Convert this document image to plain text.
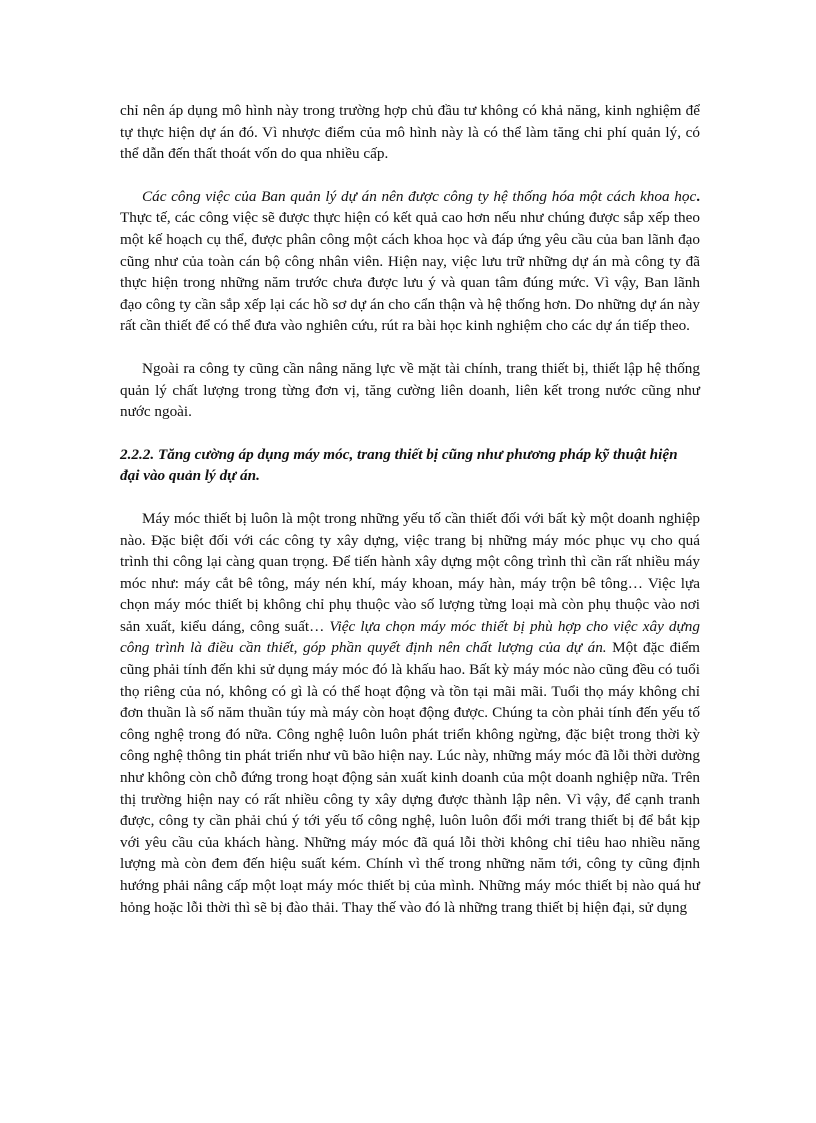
chỉ nên áp dụng mô hình này trong trường hợp chủ đầu tư không có khả năng, kinh nghiệm để tự thực hiện dự án đó. Vì nhược điểm của mô hình này là có thể làm tăng chi phí quản lý, có thể dẫn đến thất thoát vốn do qua nhiều cấp.

Các công việc của Ban quản lý dự án nên được công ty hệ thống hóa một cách khoa học. Thực tế, các công việc sẽ được thực hiện có kết quả cao hơn nếu như chúng được sắp xếp theo một kế hoạch cụ thể, được phân công một cách khoa học và đáp ứng yêu cầu của ban lãnh đạo cũng như của toàn cán bộ công nhân viên. Hiện nay, việc lưu trữ những dự án mà công ty đã thực hiện trong những năm trước chưa được lưu ý và quan tâm đúng mức. Vì vậy, Ban lãnh đạo công ty cần sắp xếp lại các hồ sơ dự án cho cẩn thận và hệ thống hơn. Do những dự án này rất cần thiết để có thể đưa vào nghiên cứu, rút ra bài học kinh nghiệm cho các dự án tiếp theo.

Ngoài ra công ty cũng cần nâng năng lực về mặt tài chính, trang thiết bị, thiết lập hệ thống quản lý chất lượng trong từng đơn vị, tăng cường liên doanh, liên kết trong nước cũng như nước ngoài.

2.2.2. Tăng cường áp dụng máy móc, trang thiết bị cũng như phương pháp kỹ thuật hiện đại vào quản lý dự án.

Máy móc thiết bị luôn là một trong những yếu tố cần thiết đối với bất kỳ một doanh nghiệp nào. Đặc biệt đối với các công ty xây dựng, việc trang bị những máy móc phục vụ cho quá trình thi công lại càng quan trọng. Để tiến hành xây dựng một công trình thì cần rất nhiều máy móc như: máy cắt bê tông, máy nén khí, máy khoan, máy hàn, máy trộn bê tông… Việc lựa chọn máy móc thiết bị không chỉ phụ thuộc vào số lượng từng loại mà còn phụ thuộc vào nơi sản xuất, kiểu dáng, công suất… Việc lựa chọn máy móc thiết bị phù hợp cho việc xây dựng công trình là điều cần thiết, góp phần quyết định nên chất lượng của dự án. Một đặc điểm cũng phải tính đến khi sử dụng máy móc đó là khấu hao. Bất kỳ máy móc nào cũng đều có tuổi thọ riêng của nó, không có gì là có thể hoạt động và tồn tại mãi mãi. Tuổi thọ máy không chỉ đơn thuần là số năm thuần túy mà máy còn hoạt động được. Chúng ta còn phải tính đến yếu tố công nghệ trong đó nữa. Công nghệ luôn luôn phát triển không ngừng, đặc biệt trong thời kỳ công nghệ thông tin phát triển như vũ bão hiện nay. Lúc này, những máy móc đã lỗi thời dường như không còn chỗ đứng trong hoạt động sản xuất kinh doanh của một doanh nghiệp nữa. Trên thị trường hiện nay có rất nhiều công ty xây dựng được thành lập nên. Vì vậy, để cạnh tranh được, công ty cần phải chú ý tới yếu tố công nghệ, luôn luôn đổi mới trang thiết bị để bắt kịp với yêu cầu của khách hàng. Những máy móc đã quá lỗi thời không chỉ tiêu hao nhiều năng lượng mà còn đem đến hiệu suất kém. Chính vì thế trong những năm tới, công ty cũng định hướng phải nâng cấp một loạt máy móc thiết bị của mình. Những máy móc thiết bị nào quá hư hỏng hoặc lỗi thời thì sẽ bị đào thải. Thay thế vào đó là những trang thiết bị hiện đại, sử dụng
